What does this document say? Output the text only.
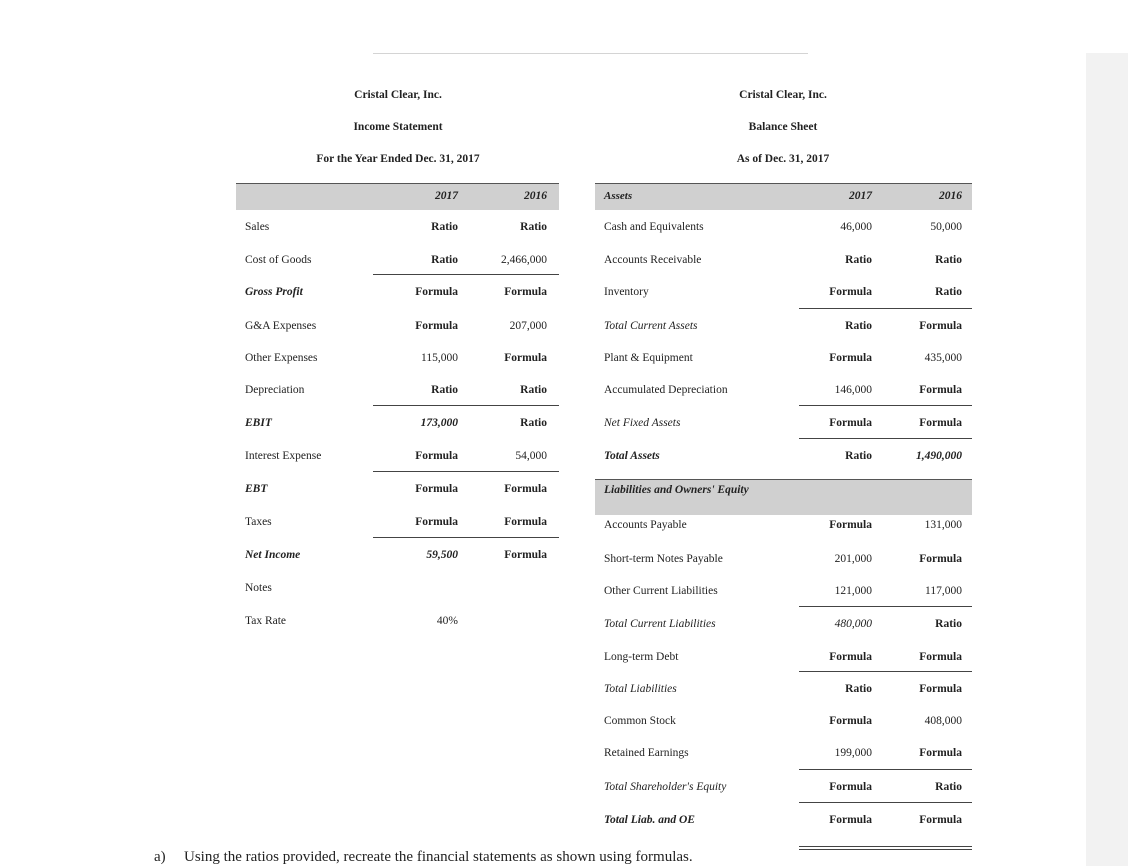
Cristal Clear, Inc.
Income Statement
For the Year Ended Dec. 31, 2017
Cristal Clear, Inc.
Balance Sheet
As of Dec. 31, 2017
2017	2016
Sales	Ratio	Ratio
Cost of Goods	Ratio	2,466,000
Gross Profit	Formula	Formula
G&A Expenses	Formula	207,000
Other Expenses	115,000	Formula
Depreciation	Ratio	Ratio
EBIT	173,000	Ratio
Interest Expense	Formula	54,000
EBT	Formula	Formula
Taxes	Formula	Formula
Net Income	59,500	Formula
Notes
Tax Rate	40%
Assets	2017	2016
Cash and Equivalents	46,000	50,000
Accounts Receivable	Ratio	Ratio
Inventory	Formula	Ratio
Total Current Assets	Ratio	Formula
Plant & Equipment	Formula	435,000
Accumulated Depreciation	146,000	Formula
Net Fixed Assets	Formula	Formula
Total Assets	Ratio	1,490,000
Liabilities and Owners' Equity
Accounts Payable	Formula	131,000
Short-term Notes Payable	201,000	Formula
Other Current Liabilities	121,000	117,000
Total Current Liabilities	480,000	Ratio
Long-term Debt	Formula	Formula
Total Liabilities	Ratio	Formula
Common Stock	Formula	408,000
Retained Earnings	199,000	Formula
Total Shareholder's Equity	Formula	Ratio
Total Liab. and OE	Formula	Formula
a) Using the ratios provided, recreate the financial statements as shown using formulas.
